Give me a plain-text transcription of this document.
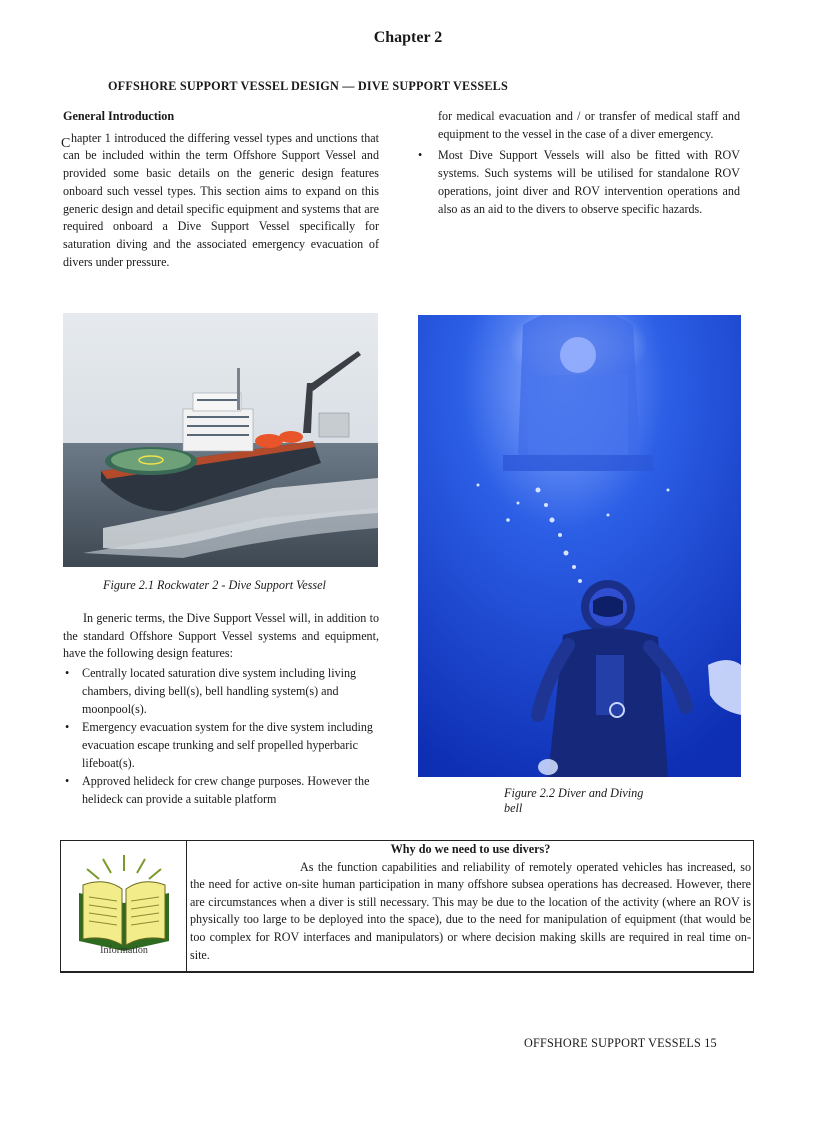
Chapter 2
OFFSHORE SUPPORT VESSEL DESIGN — DIVE SUPPORT VESSELS
General Introduction
C hapter 1 introduced the differing vessel types and unctions that can be included within the term Offshore Support Vessel and provided some basic details on the generic design features onboard such vessel types. This section aims to expand on this generic design and detail specific equipment and systems that are required onboard a Dive Support Vessel specifically for saturation diving and the associated emergency evacuation of divers under pressure.
for medical evacuation and / or transfer of medical staff and equipment to the vessel in the case of a diver emergency.
•	Most Dive Support Vessels will also be fitted with ROV systems. Such systems will be utilised for standalone ROV operations, joint diver and ROV intervention operations and also as an aid to the divers to observe specific hazards.
Figure 2.1 Rockwater 2 - Dive Support Vessel
Figure 2.2 Diver and Diving bell
In generic terms, the Dive Support Vessel will, in addition to the standard Offshore Support Vessel systems and equipment, have the following design features:
•	Centrally located saturation dive system including living chambers, diving bell(s), bell handling system(s) and moonpool(s).
•	Emergency evacuation system for the dive system including evacuation escape trunking and self propelled hyperbaric lifeboat(s).
•	Approved helideck for crew change purposes. However the helideck can provide a suitable platform
Information
Why do we need to use divers?
As the function capabilities and reliability of remotely operated vehicles has increased, so the need for active on-site human participation in many offshore subsea operations has decreased. However, there are circumstances when a diver is still necessary. This may be due to the location of the activity (where an ROV is physically too large to be deployed into the space), due to the need for manipulation of equipment (that would be too complex for ROV interfaces and manipulators) or where decision making skills are required in real time on-site.
OFFSHORE SUPPORT VESSELS 15
